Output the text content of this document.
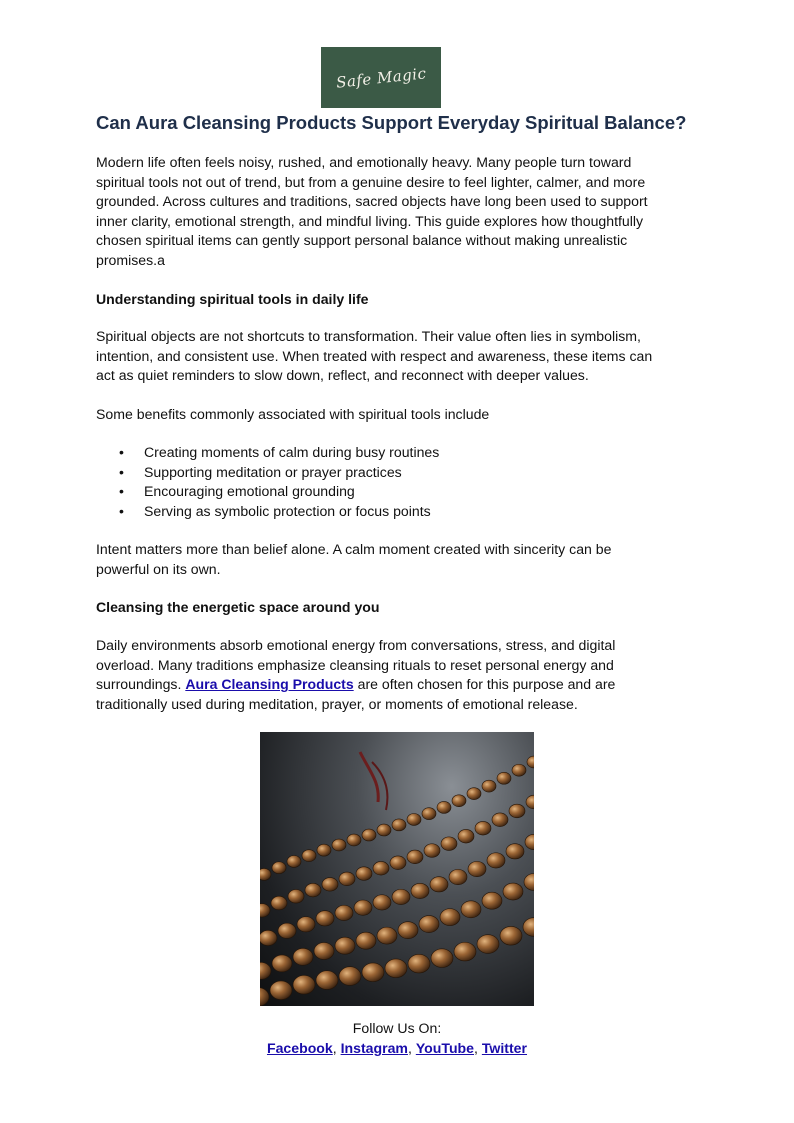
Safe Magic
Can Aura Cleansing Products Support Everyday Spiritual Balance?

Modern life often feels noisy, rushed, and emotionally heavy. Many people turn toward
spiritual tools not out of trend, but from a genuine desire to feel lighter, calmer, and more
grounded. Across cultures and traditions, sacred objects have long been used to support
inner clarity, emotional strength, and mindful living. This guide explores how thoughtfully
chosen spiritual items can gently support personal balance without making unrealistic
promises.a

Understanding spiritual tools in daily life

Spiritual objects are not shortcuts to transformation. Their value often lies in symbolism,
intention, and consistent use. When treated with respect and awareness, these items can
act as quiet reminders to slow down, reflect, and reconnect with deeper values.

Some benefits commonly associated with spiritual tools include

• Creating moments of calm during busy routines
• Supporting meditation or prayer practices
• Encouraging emotional grounding
• Serving as symbolic protection or focus points

Intent matters more than belief alone. A calm moment created with sincerity can be
powerful on its own.

Cleansing the energetic space around you

Daily environments absorb emotional energy from conversations, stress, and digital
overload. Many traditions emphasize cleansing rituals to reset personal energy and
surroundings. Aura Cleansing Products are often chosen for this purpose and are
traditionally used during meditation, prayer, or moments of emotional release.

Follow Us On:
Facebook, Instagram, YouTube, Twitter
